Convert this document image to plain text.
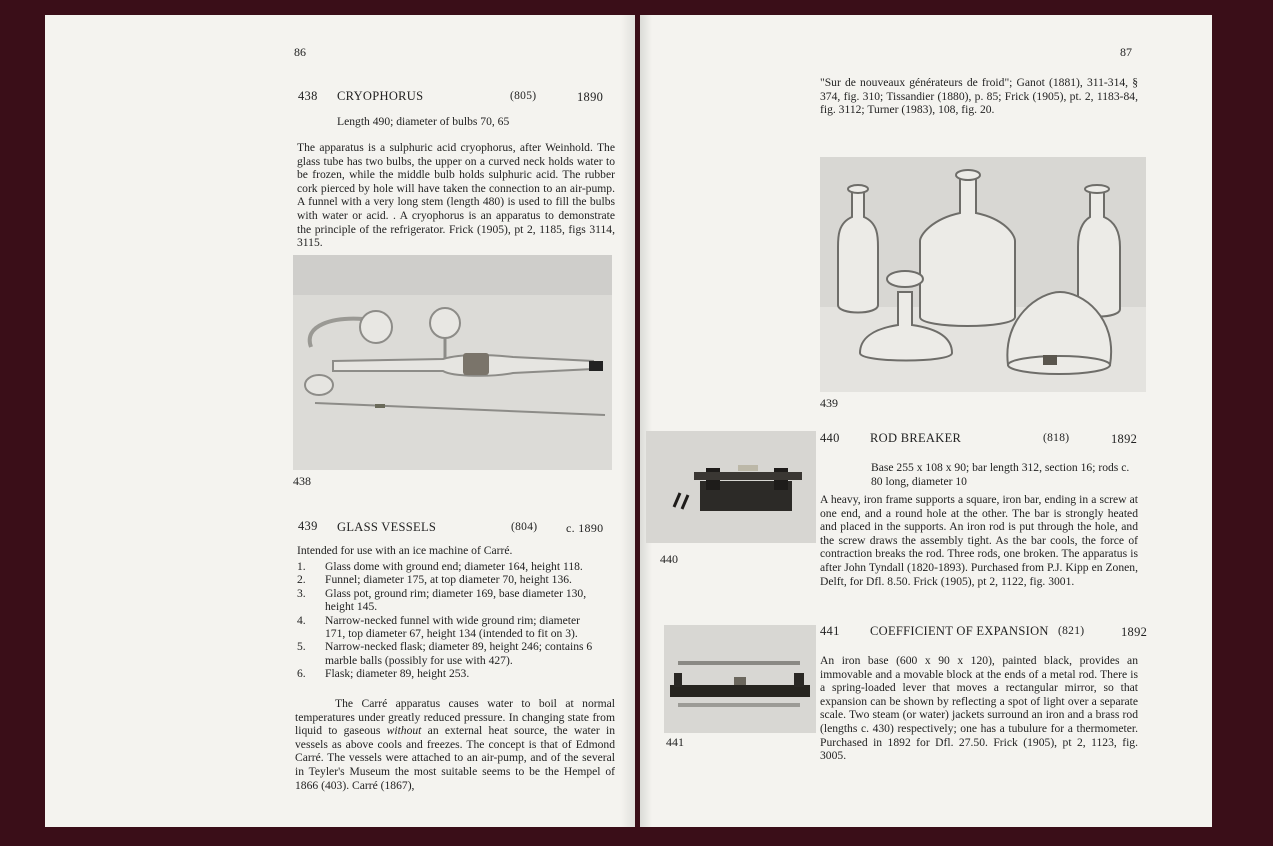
86
438 CRYOPHORUS	(805)	1890
Length 490; diameter of bulbs 70, 65
The apparatus is a sulphuric acid cryophorus, after Weinhold. The glass tube has two bulbs, the upper on a curved neck holds water to be frozen, while the middle bulb holds sulphuric acid. The rubber cork pierced by hole will have taken the connection to an air-pump. A funnel with a very long stem (length 480) is used to fill the bulbs with water or acid. . A cryophorus is an apparatus to demonstrate the principle of the refrigerator. Frick (1905), pt 2, 1185, figs 3114, 3115.
438
439 GLASS VESSELS	(804) c. 1890
Intended for use with an ice machine of Carré.
1. Glass dome with ground end; diameter 164, height 118.
2. Funnel; diameter 175, at top diameter 70, height 136.
3. Glass pot, ground rim; diameter 169, base diameter 130, height 145.
4. Narrow-necked funnel with wide ground rim; diameter 171, top diameter 67, height 134 (intended to fit on 3).
5. Narrow-necked flask; diameter 89, height 246; contains 6 marble balls (possibly for use with 427).
6. Flask; diameter 89, height 253.
The Carré apparatus causes water to boil at normal temperatures under greatly reduced pressure. In changing state from liquid to gaseous without an external heat source, the water in vessels as above cools and freezes. The concept is that of Edmond Carré. The vessels were attached to an air-pump, and of the several in Teyler's Museum the most suitable seems to be the Hempel of 1866 (403). Carré (1867),
87
"Sur de nouveaux générateurs de froid"; Ganot (1881), 311-314, § 374, fig. 310; Tissandier (1880), p. 85; Frick (1905), pt. 2, 1183-84, fig. 3112; Turner (1983), 108, fig. 20.
439
440
440 ROD BREAKER	(818)	1892
Base 255 x 108 x 90; bar length 312, section 16; rods c. 80 long, diameter 10
A heavy, iron frame supports a square, iron bar, ending in a screw at one end, and a round hole at the other. The bar is strongly heated and placed in the supports. An iron rod is put through the hole, and the screw draws the assembly tight. As the bar cools, the force of contraction breaks the rod. Three rods, one broken. The apparatus is after John Tyndall (1820-1893). Purchased from P.J. Kipp en Zonen, Delft, for Dfl. 8.50. Frick (1905), pt 2, 1122, fig. 3001.
441
441 COEFFICIENT OF EXPANSION (821)	1892
An iron base (600 x 90 x 120), painted black, provides an immovable and a movable block at the ends of a metal rod. There is a spring-loaded lever that moves a rectangular mirror, so that expansion can be shown by reflecting a spot of light over a separate scale. Two steam (or water) jackets surround an iron and a brass rod (lengths c. 430) respectively; one has a tubulure for a thermometer. Purchased in 1892 for Dfl. 27.50. Frick (1905), pt 2, 1123, fig. 3005.
